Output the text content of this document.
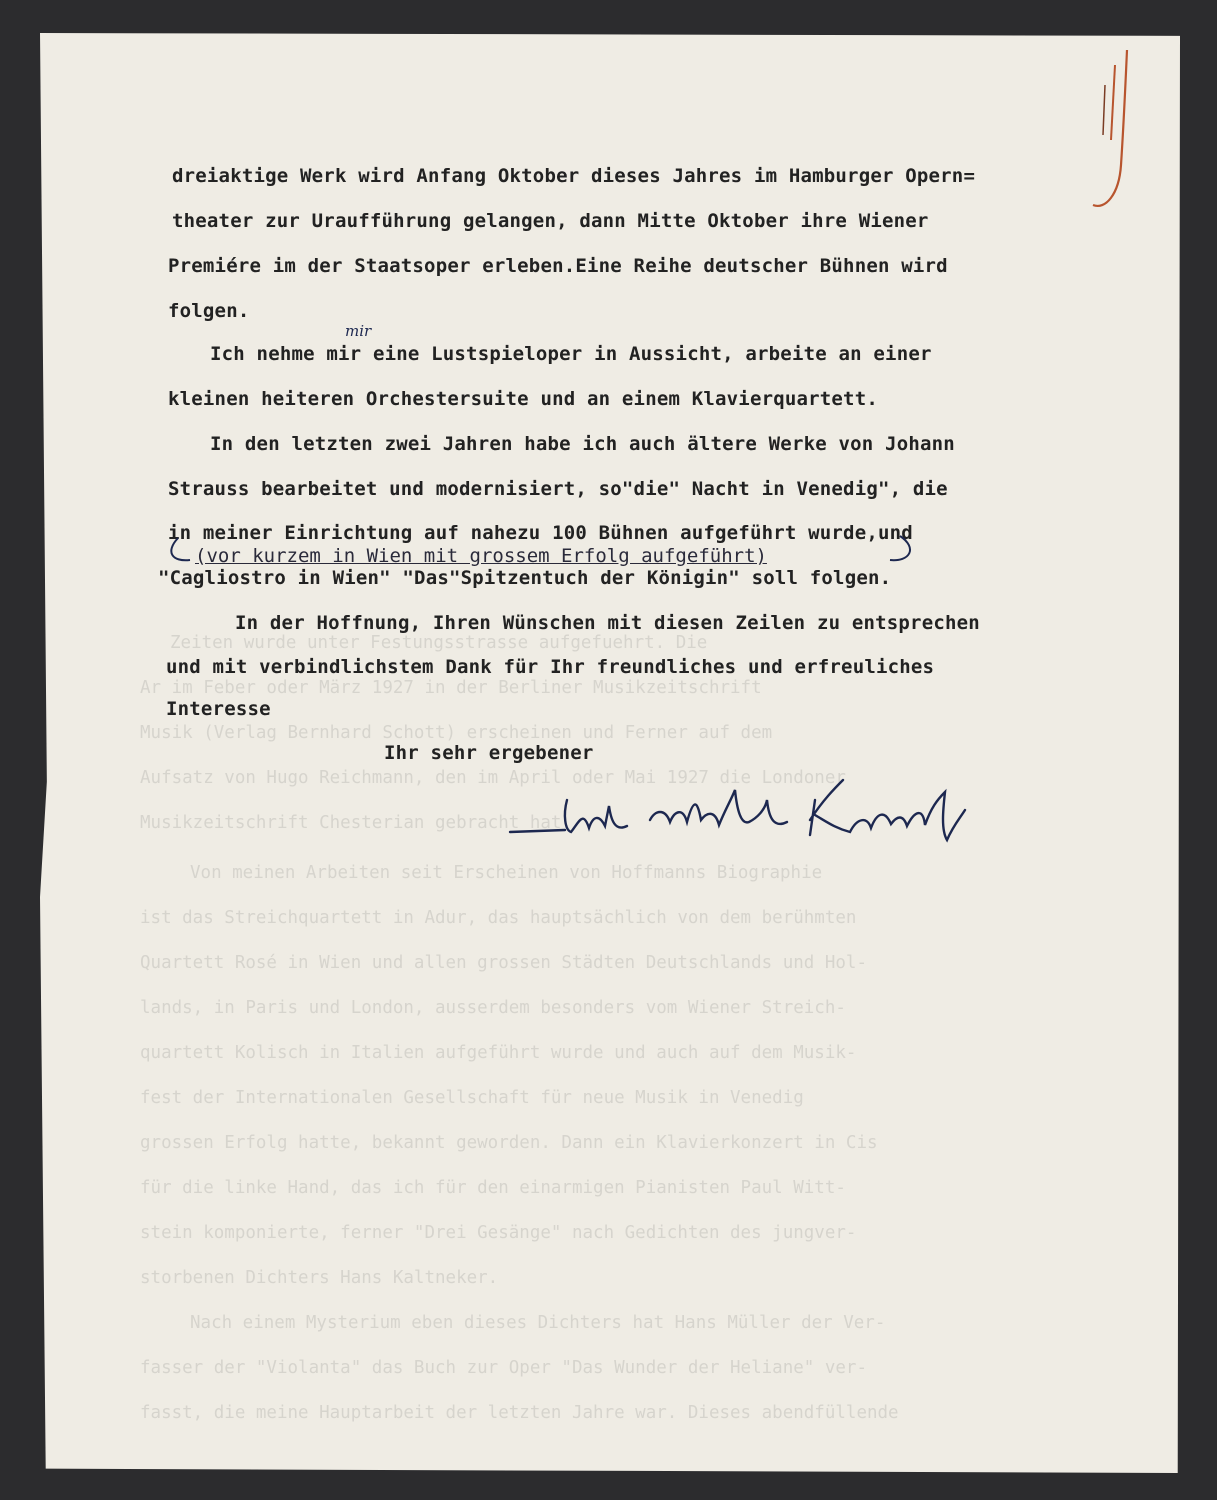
dreiaktige Werk wird Anfang Oktober dieses Jahres im Hamburger Opern=
theater zur Uraufführung gelangen, dann Mitte Oktober ihre Wiener
Premiére im der Staatsoper erleben.Eine Reihe deutscher Bühnen wird
folgen.
mir
Ich nehme mir eine Lustspieloper in Aussicht, arbeite an einer
kleinen heiteren Orchestersuite und an einem Klavierquartett.
In den letzten zwei Jahren habe ich auch ältere Werke von Johann
Strauss bearbeitet und modernisiert, so"die" Nacht in Venedig", die
in meiner Einrichtung auf nahezu 100 Bühnen aufgeführt wurde,und
(vor kurzem in Wien mit grossem Erfolg aufgeführt)
"Cagliostro in Wien" "Das"Spitzentuch der Königin" soll folgen.
In der Hoffnung, Ihren Wünschen mit diesen Zeilen zu entsprechen
und mit verbindlichstem Dank für Ihr freundliches und erfreuliches
Interesse
Ihr sehr ergebener
